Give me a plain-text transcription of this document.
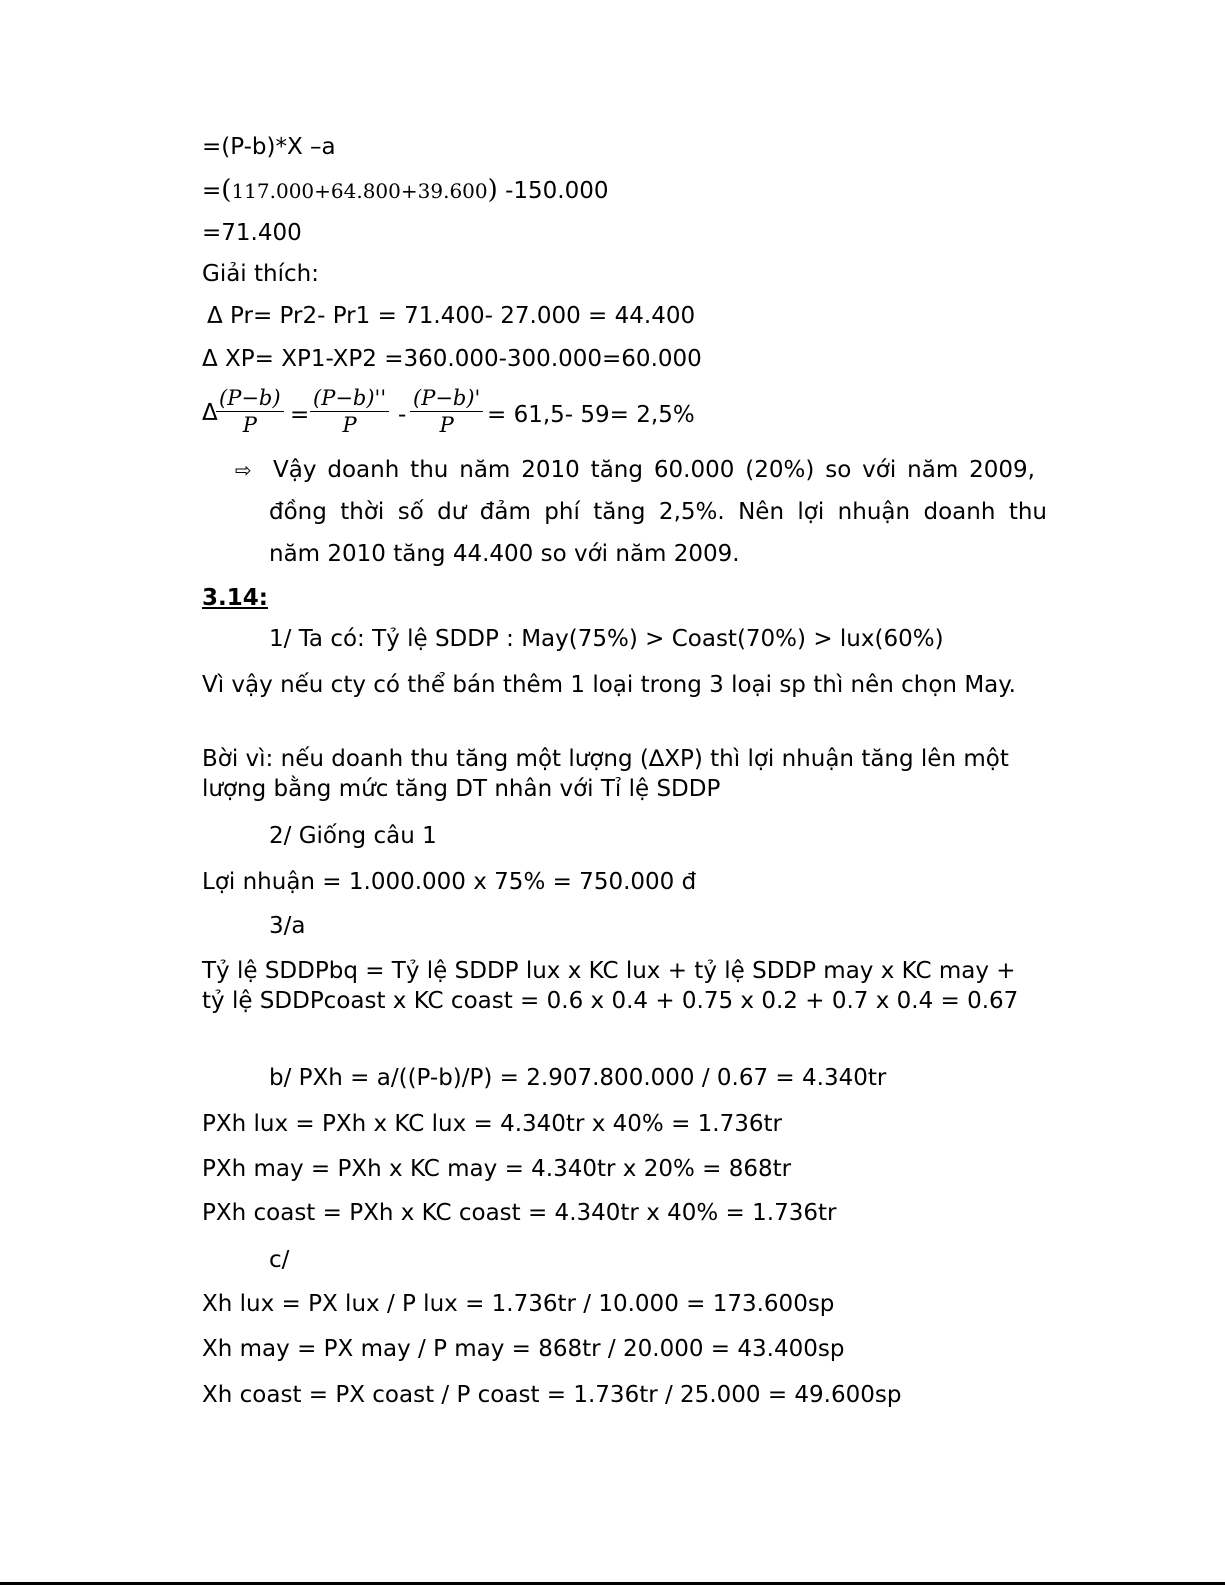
=(P-b)*X –a
=(117.000+64.800+39.600) -150.000
=71.400
Giải thích:
Δ Pr= Pr2- Pr1 = 71.400- 27.000 = 44.400
Δ XP= XP1-XP2 =360.000-300.000=60.000
Δ
$\frac{(P-b)}{P} = \frac{(P-b)''}{P} - \frac{(P-b)'}{P} = 61,5-$ 59= 2,5%
⇨ Vậy doanh thu năm 2010 tăng 60.000 (20%) so với năm 2009,
đồng thời số dư đảm phí tăng 2,5%. Nên lợi nhuận doanh thu
năm 2010 tăng 44.400 so với năm 2009.
3.14:
1/ Ta có: Tỷ lệ SDDP : May(75%) > Coast(70%) > lux(60%)
Vì vậy nếu cty có thể bán thêm 1 loại trong 3 loại sp thì nên chọn May.
Bời vì: nếu doanh thu tăng một lượng (∆XP) thì lợi nhuận tăng lên một lượng bằng mức tăng DT nhân với Tỉ lệ SDDP
2/ Giống câu 1
Lợi nhuận = 1.000.000 x 75% = 750.000 đ
3/a
Tỷ lệ SDDPbq = Tỷ lệ SDDP lux x KC lux + tỷ lệ SDDP may x KC may + tỷ lệ SDDPcoast x KC coast = 0.6 x 0.4 + 0.75 x 0.2 + 0.7 x 0.4 = 0.67
b/ PXh = a/((P-b)/P) = 2.907.800.000 / 0.67 = 4.340tr
PXh lux = PXh x KC lux = 4.340tr x 40% = 1.736tr
PXh may = PXh x KC may = 4.340tr x 20% = 868tr
PXh coast = PXh x KC coast = 4.340tr x 40% = 1.736tr
c/
Xh lux = PX lux / P lux = 1.736tr / 10.000 = 173.600sp
Xh may = PX may / P may = 868tr / 20.000 = 43.400sp
Xh coast = PX coast / P coast = 1.736tr / 25.000 = 49.600sp
